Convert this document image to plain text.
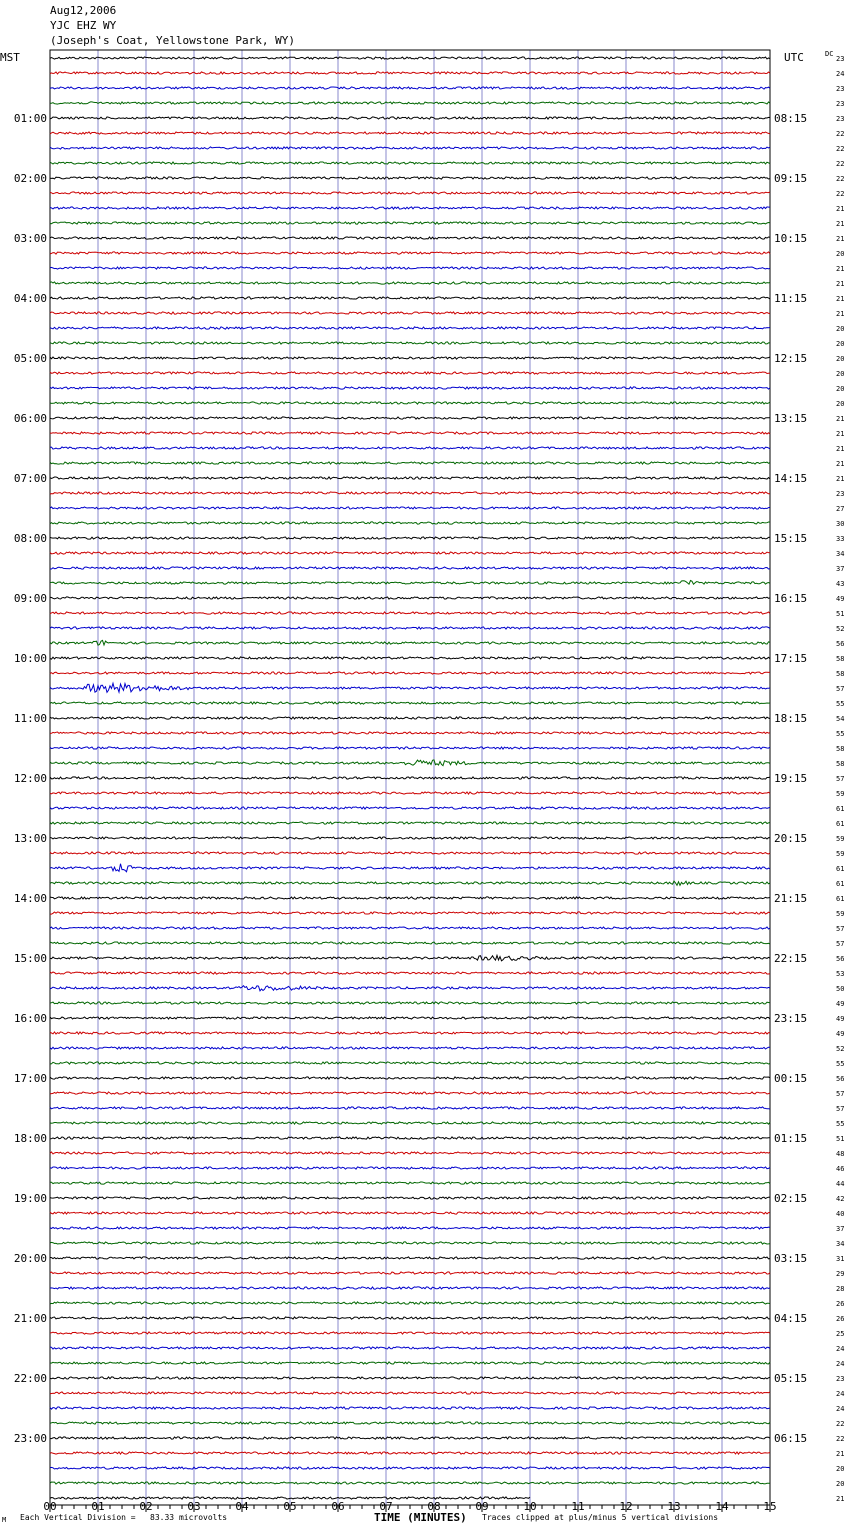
Aug12,2006
YJC EHZ WY
(Joseph's Coat, Yellowstone Park, WY)
23
24
23
23
23
22
22
22
22
22
21
21
21
20
21
21
21
21
20
20
20
20
20
20
21
21
21
21
21
23
27
30
33
34
37
43
49
51
52
56
58
58
57
55
54
55
58
58
57
59
61
61
59
59
61
61
61
59
57
57
56
53
50
49
49
49
52
55
56
57
57
55
51
48
46
44
42
40
37
34
31
29
28
26
26
25
24
24
23
24
24
22
22
21
20
20
21
DC
MST	UTC
01:00
02:00
03:00
04:00
05:00
06:00
07:00
08:00
09:00
10:00
11:00
12:00
13:00
14:00
15:00
16:00
17:00
18:00
19:00
20:00
21:00
22:00
23:00
08:15
09:15
10:15
11:15
12:15
13:15
14:15
15:15
16:15
17:15
18:15
19:15
20:15
21:15
22:15
23:15
00:15
01:15
02:15
03:15
04:15
05:15
06:15
00	01	02	03	04	05	06	07	08	09	10	11	12	13	14	15
M Each Vertical Division =   83.33 microvolts	TIME (MINUTES) Traces clipped at plus/minus 5 vertical divisions
